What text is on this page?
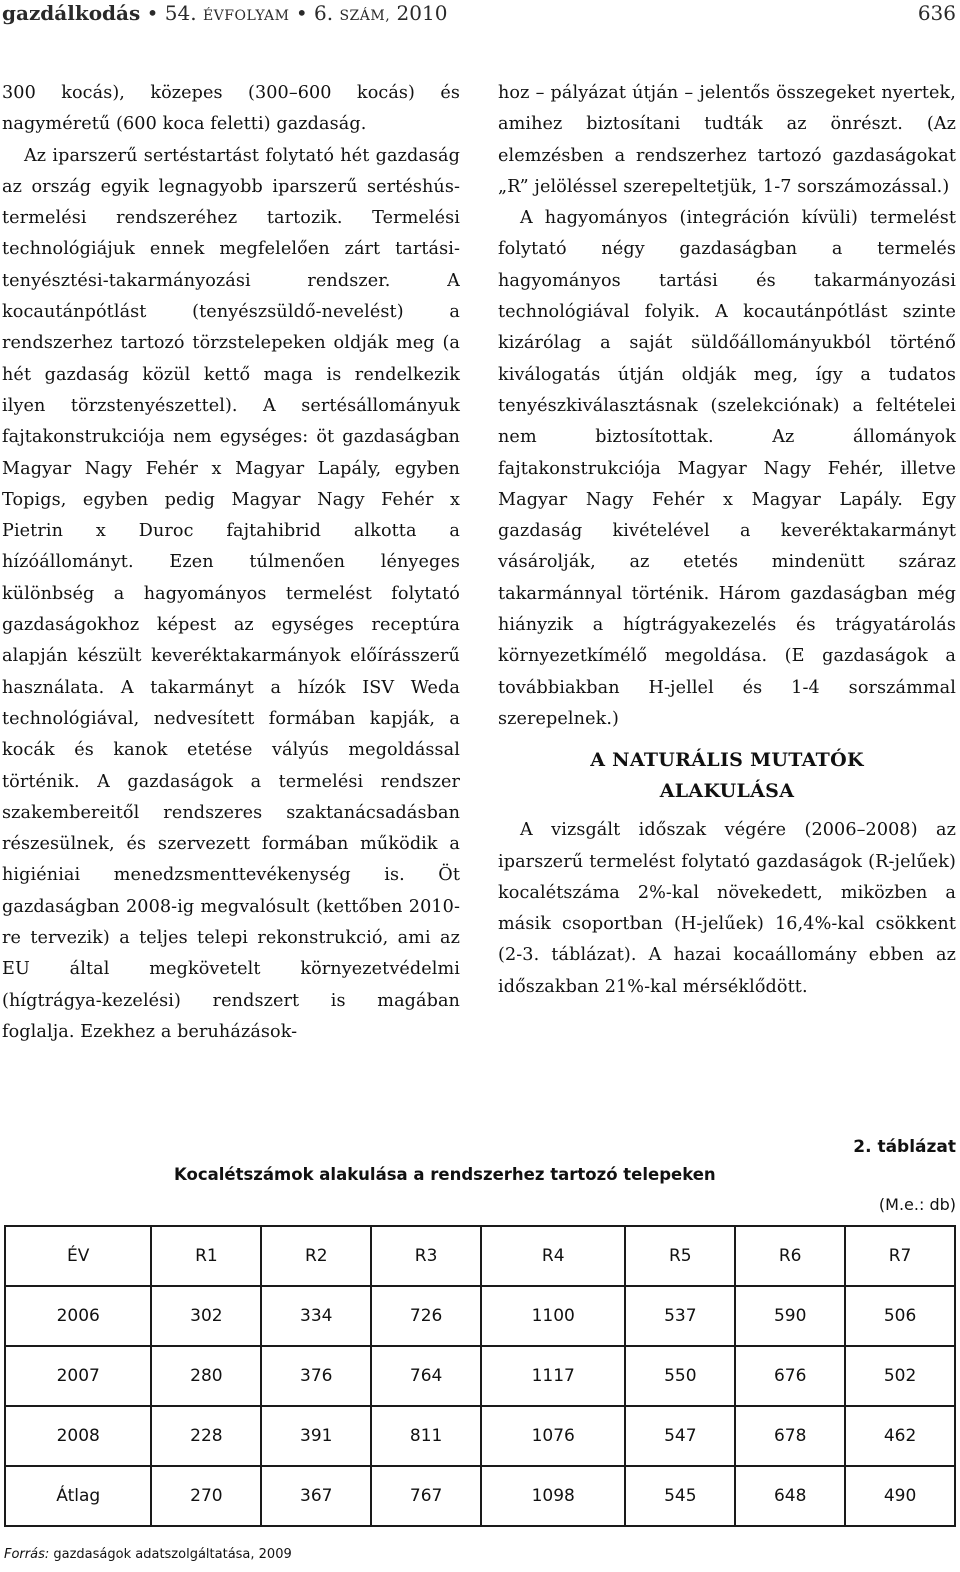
gazdálkodás • 54. ÉVFOLYAM • 6. SZÁM, 2010	636

300 kocás), közepes (300–600 kocás) és nagyméretű (600 koca feletti) gazdaság.

Az iparszerű sertéstartást folytató hét gazdaság az ország egyik legnagyobb iparszerű sertéshús-termelési rendszeréhez tartozik. Termelési technológiájuk ennek megfelelően zárt tartási-tenyésztési-takarmányozási rendszer. A kocautánpótlást (tenyészsüldő-nevelést) a rendszerhez tartozó törzstelepeken oldják meg (a hét gazdaság közül kettő maga is rendelkezik ilyen törzstenyészettel). A sertésállományuk fajtakonstrukciója nem egységes: öt gazdaságban Magyar Nagy Fehér x Magyar Lapály, egyben Topigs, egyben pedig Magyar Nagy Fehér x Pietrin x Duroc fajtahibrid alkotta a hízóállományt. Ezen túlmenően lényeges különbség a hagyományos termelést folytató gazdaságokhoz képest az egységes receptúra alapján készült keveréktakarmányok előírásszerű használata. A takarmányt a hízók ISV Weda technológiával, nedvesített formában kapják, a kocák és kanok etetése vályús megoldással történik. A gazdaságok a termelési rendszer szakembereitől rendszeres szaktanácsadásban részesülnek, és szervezett formában működik a higiéniai menedzsmenttevékenység is. Öt gazdaságban 2008-ig megvalósult (kettőben 2010-re tervezik) a teljes telepi rekonstrukció, ami az EU által megkövetelt környezetvédelmi (hígtrágya-kezelési) rendszert is magában foglalja. Ezekhez a beruházások-

hoz – pályázat útján – jelentős összegeket nyertek, amihez biztosítani tudták az önrészt. (Az elemzésben a rendszerhez tartozó gazdaságokat „R” jelöléssel szerepeltetjük, 1-7 sorszámozással.)

A hagyományos (integráción kívüli) termelést folytató négy gazdaságban a termelés hagyományos tartási és takarmányozási technológiával folyik. A kocautánpótlást szinte kizárólag a saját süldőállományukból történő kiválogatás útján oldják meg, így a tudatos tenyészkiválasztásnak (szelekciónak) a feltételei nem biztosítottak. Az állományok fajtakonstrukciója Magyar Nagy Fehér, illetve Magyar Nagy Fehér x Magyar Lapály. Egy gazdaság kivételével a keveréktakarmányt vásárolják, az etetés mindenütt száraz takarmánnyal történik. Három gazdaságban még hiányzik a hígtrágyakezelés és trágyatárolás környezetkímélő megoldása. (E gazdaságok a továbbiakban H-jellel és 1-4 sorszámmal szerepelnek.)

A NATURÁLIS MUTATÓK
ALAKULÁSA

A vizsgált időszak végére (2006–2008) az iparszerű termelést folytató gazdaságok (R-jelűek) kocalétszáma 2%-kal növekedett, miközben a másik csoportban (H-jelűek) 16,4%-kal csökkent (2-3. táblázat). A hazai kocaállomány ebben az időszakban 21%-kal mérséklődött.

2. táblázat
Kocalétszámok alakulása a rendszerhez tartozó telepeken
(M.e.: db)
ÉV	R1	R2	R3	R4	R5	R6	R7
2006	302	334	726	1100	537	590	506
2007	280	376	764	1117	550	676	502
2008	228	391	811	1076	547	678	462
Átlag	270	367	767	1098	545	648	490
Forrás: gazdaságok adatszolgáltatása, 2009
